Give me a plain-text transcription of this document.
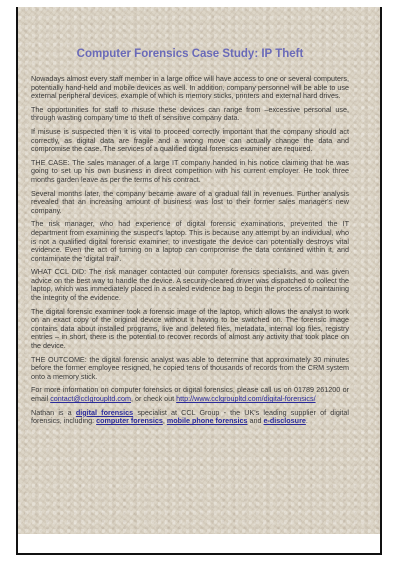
Computer Forensics Case Study: IP Theft

Nowadays almost every staff member in a large office will have access to one or several computers, potentially hand-held and mobile devices as well. In addition, company personnel will be able to use external peripheral devices, example of which is memory sticks, printers and external hard drives.

The opportunities for staff to misuse these devices can range from –excessive personal use, through wasting company time to theft of sensitive company data.

If misuse is suspected then it is vital to proceed correctly important that the company should act correctly, as digital data are fragile and a wrong move can actually change the data and compromise the case. The services of a qualified digital forensics examiner are required.

THE CASE: The sales manager of a large IT company handed in his notice claiming that he was going to set up his own business in direct competition with his current employer. He took three months garden leave as per the terms of his contract.

Several months later, the company became aware of a gradual fall in revenues. Further analysis revealed that an increasing amount of business was lost to their former sales manager's new company.

The risk manager, who had experience of digital forensic examinations, prevented the IT department from examining the suspect's laptop. This is because any attempt by an individual, who is not a qualified digital forensic examiner, to investigate the device can potentially destroys vital evidence. Even the act of turning on a laptop can compromise the data contained within it, and contaminate the 'digital trail'.

WHAT CCL DID: The risk manager contacted our computer forensics specialists, and was given advice on the best way to handle the device. A security-cleared driver was dispatched to collect the laptop, which was immediately placed in a sealed evidence bag to begin the process of maintaining the integrity of the evidence.

The digital forensic examiner took a forensic image of the laptop, which allows the analyst to work on an exact copy of the original device without it having to be switched on. The forensic image contains data about installed programs, live and deleted files, metadata, internal log files, registry entries – in short, there is the potential to recover records of almost any activity that took place on the device.

THE OUTCOME: the digital forensic analyst was able to determine that approximately 30 minutes before the former employee resigned, he copied tens of thousands of records from the CRM system onto a memory stick.

For more information on computer forensics or digital forensics, please call us on 01789 261200 or email contact@cclgroupltd.com, or check out http://www.cclgroupltd.com/digital-forensics/

Nathan is a digital forensics specialist at CCL Group - the UK's leading supplier of digital forensics, including: computer forensics, mobile phone forensics and e-disclosure.
